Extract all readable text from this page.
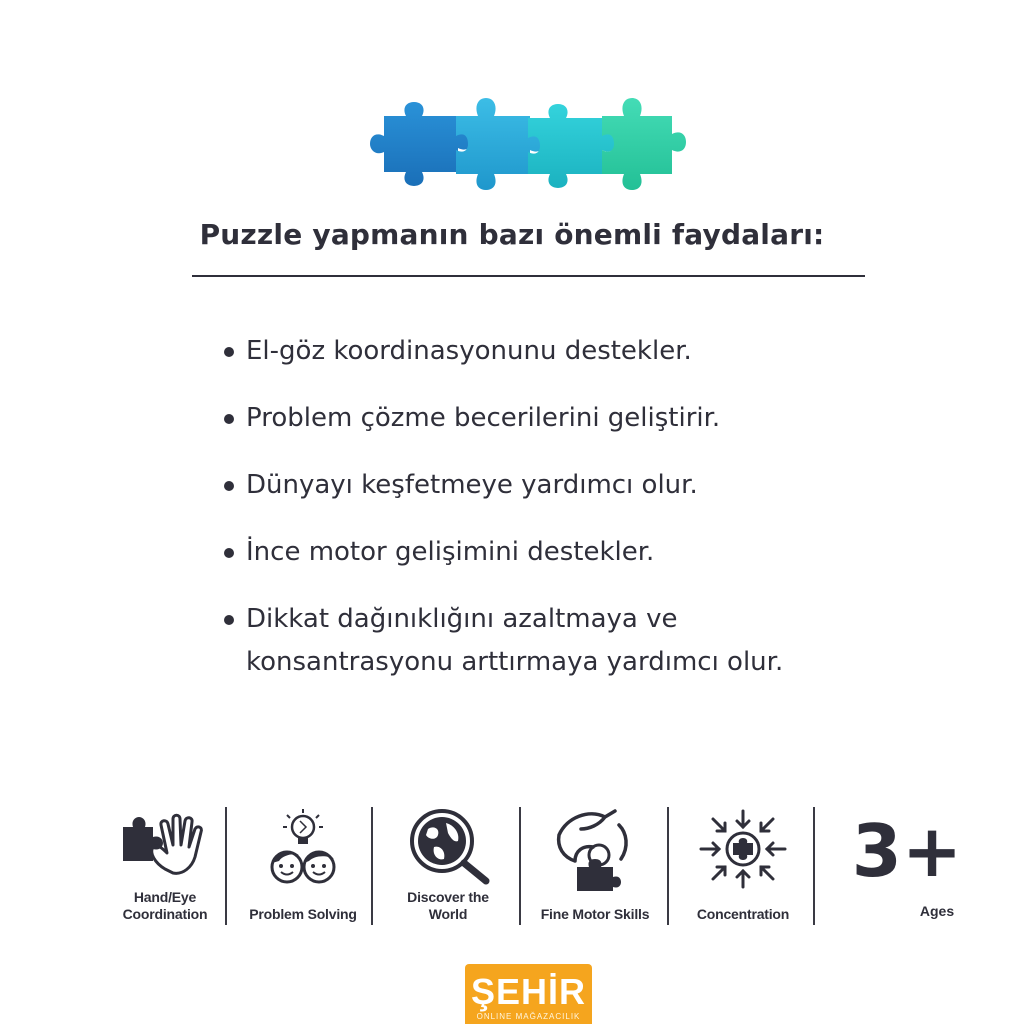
Puzzle yapmanın bazı önemli faydaları:
El-göz koordinasyonunu destekler.
Problem çözme becerilerini geliştirir.
Dünyayı keşfetmeye yardımcı olur.
İnce motor gelişimini destekler.
Dikkat dağınıklığını azaltmaya ve konsantrasyonu arttırmaya yardımcı olur.
Hand/Eye
Coordination	Problem Solving
Discover the
World	Fine Motor Skills	Concentration
3+
Ages
ŞEHİR
ONLINE MAĞAZACILIK
